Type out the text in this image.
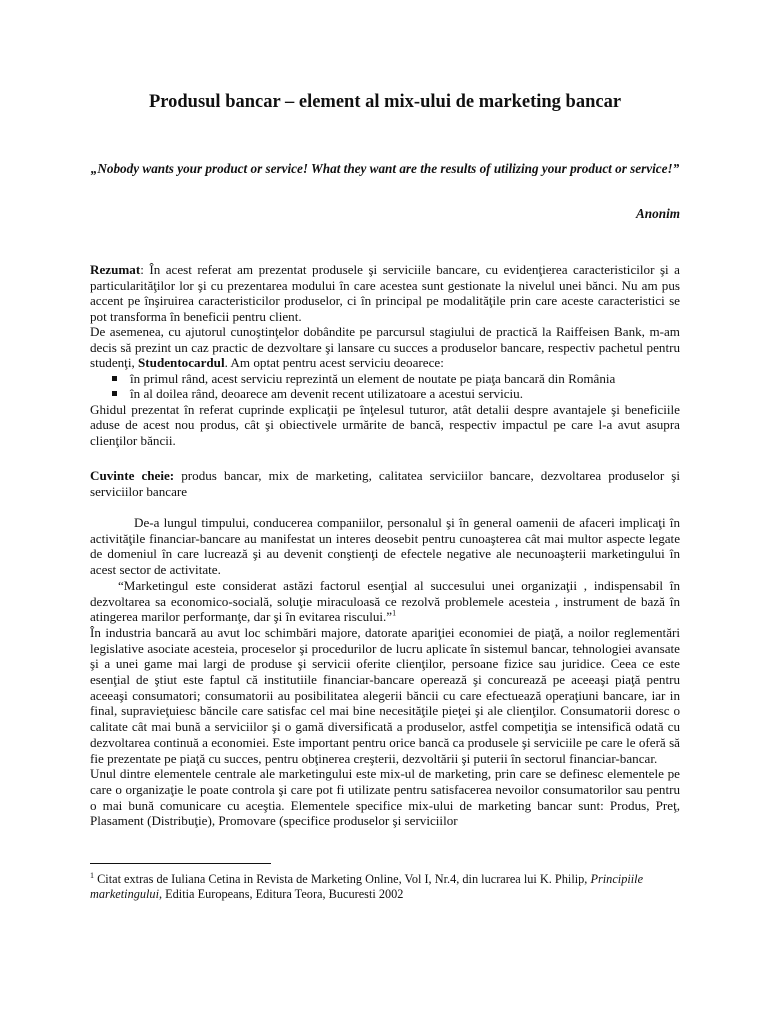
Produsul bancar – element al mix-ului de marketing bancar
„Nobody wants your product or service! What they want are the results of utilizing your product or service!”
Anonim

Rezumat: În acest referat am prezentat produsele şi serviciile bancare, cu evidenţierea caracteristicilor şi a particularităţilor lor şi cu prezentarea modului în care acestea sunt gestionate la nivelul unei bănci. Nu am pus accent pe înşiruirea caracteristicilor produselor, ci în principal pe modalităţile prin care aceste caracteristici se pot transforma în beneficii pentru client.

De asemenea, cu ajutorul cunoştinţelor dobândite pe parcursul stagiului de practică la Raiffeisen Bank, m-am decis să prezint un caz practic de dezvoltare şi lansare cu succes a produselor bancare, respectiv pachetul pentru studenţi, Studentocardul. Am optat pentru acest serviciu deoarece:

în primul rând, acest serviciu reprezintă un element de noutate pe piaţa bancară din România
în al doilea rând, deoarece am devenit recent utilizatoare a acestui serviciu.

Ghidul prezentat în referat cuprinde explicaţii pe înţelesul tuturor, atât detalii despre avantajele şi beneficiile aduse de acest nou produs, cât şi obiectivele urmărite de bancă, respectiv impactul pe care l-a avut asupra clienţilor băncii.

Cuvinte cheie: produs bancar, mix de marketing, calitatea serviciilor bancare, dezvoltarea produselor şi serviciilor bancare

De-a lungul timpului, conducerea companiilor, personalul şi în general oamenii de afaceri implicaţi în activităţile financiar-bancare au manifestat un interes deosebit pentru cunoaşterea cât mai multor aspecte legate de domeniul în care lucrează şi au devenit conştienţi de efectele negative ale necunoaşterii marketingului în acest sector de activitate.

“Marketingul este considerat astăzi factorul esenţial al succesului unei organizaţii , indispensabil în dezvoltarea sa economico-socială, soluţie miraculoasă ce rezolvă problemele acesteia , instrument de bază în atingerea marilor performanţe, dar şi în evitarea riscului.”$^1$

În industria bancară au avut loc schimbări majore, datorate apariţiei economiei de piaţă, a noilor reglementări legislative asociate acesteia, proceselor şi procedurilor de lucru aplicate în sistemul bancar, tehnologiei avansate şi a unei game mai largi de produse şi servicii oferite clienţilor, persoane fizice sau juridice. Ceea ce este esenţial de ştiut este faptul că institutiile financiar-bancare operează şi concurează pe aceeaşi piaţă pentru aceeaşi consumatori; consumatorii au posibilitatea alegerii băncii cu care efectuează operaţiuni bancare, iar in final, supravieţuiesc băncile care satisfac cel mai bine necesităţile pieţei şi ale clienţilor. Consumatorii doresc o calitate cât mai bună a serviciilor şi o gamă diversificată a produselor, astfel competiţia se intensifică odată cu dezvoltarea continuă a economiei. Este important pentru orice bancă ca produsele şi serviciile pe care le oferă să fie prezentate pe piaţă cu succes, pentru obţinerea creşterii, dezvoltării şi puterii în sectorul financiar-bancar.

Unul dintre elementele centrale ale marketingului este mix-ul de marketing, prin care se definesc elementele pe care o organizaţie le poate controla şi care pot fi utilizate pentru satisfacerea nevoilor consumatorilor sau pentru o mai bună comunicare cu aceştia. Elementele specifice mix-ului de marketing bancar sunt: Produs, Preţ, Plasament (Distribuţie), Promovare (specifice produselor şi serviciilor

$^1$ Citat extras de Iuliana Cetina in Revista de Marketing Online, Vol I, Nr.4, din lucrarea lui K. Philip, Principiile marketingului, Editia Europeans, Editura Teora, Bucuresti 2002
